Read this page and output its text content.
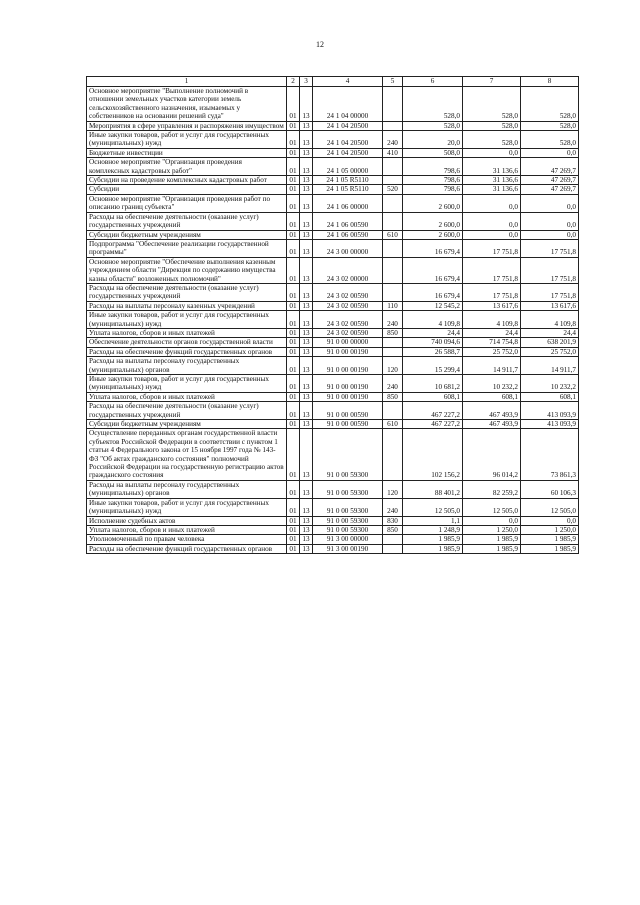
12
1	2	3	4	5	6	7	8
Основное мероприятие "Выполнение полномочий в отношении земельных участков категории земель сельскохозяйственного назначения, изымаемых у собственников на основании решений суда"	01	13	24 1 04 00000		528,0	528,0	528,0
Мероприятия в сфере управления и распоряжения имуществом	01	13	24 1 04 20500		528,0	528,0	528,0
Иные закупки товаров, работ и услуг для государственных (муниципальных) нужд	01	13	24 1 04 20500	240	20,0	528,0	528,0
Бюджетные инвестиции	01	13	24 1 04 20500	410	508,0	0,0	0,0
Основное мероприятие "Организация проведения комплексных кадастровых работ"	01	13	24 1 05 00000		798,6	31 136,6	47 269,7
Субсидии на проведение комплексных кадастровых работ	01	13	24 1 05 R5110		798,6	31 136,6	47 269,7
Субсидии	01	13	24 1 05 R5110	520	798,6	31 136,6	47 269,7
Основное мероприятие "Организация проведения работ по описанию границ субъекта"	01	13	24 1 06 00000		2 600,0	0,0	0,0
Расходы на обеспечение деятельности (оказание услуг) государственных учреждений	01	13	24 1 06 00590		2 600,0	0,0	0,0
Субсидии бюджетным учреждениям	01	13	24 1 06 00590	610	2 600,0	0,0	0,0
Подпрограмма "Обеспечение реализации государственной программы"	01	13	24 3 00 00000		16 679,4	17 751,8	17 751,8
Основное мероприятие "Обеспечение выполнения казенным учреждением области "Дирекция по содержанию имущества казны области" возложенных полномочий"	01	13	24 3 02 00000		16 679,4	17 751,8	17 751,8
Расходы на обеспечение деятельности (оказание услуг) государственных учреждений	01	13	24 3 02 00590		16 679,4	17 751,8	17 751,8
Расходы на выплаты персоналу казенных учреждений	01	13	24 3 02 00590	110	12 545,2	13 617,6	13 617,6
Иные закупки товаров, работ и услуг для государственных (муниципальных) нужд	01	13	24 3 02 00590	240	4 109,8	4 109,8	4 109,8
Уплата налогов, сборов и иных платежей	01	13	24 3 02 00590	850	24,4	24,4	24,4
Обеспечение деятельности органов государственной власти	01	13	91 0 00 00000		740 094,6	714 754,8	638 201,9
Расходы на обеспечение функций государственных органов	01	13	91 0 00 00190		26 588,7	25 752,0	25 752,0
Расходы на выплаты персоналу государственных (муниципальных) органов	01	13	91 0 00 00190	120	15 299,4	14 911,7	14 911,7
Иные закупки товаров, работ и услуг для государственных (муниципальных) нужд	01	13	91 0 00 00190	240	10 681,2	10 232,2	10 232,2
Уплата налогов, сборов и иных платежей	01	13	91 0 00 00190	850	608,1	608,1	608,1
Расходы на обеспечение деятельности (оказание услуг) государственных учреждений	01	13	91 0 00 00590		467 227,2	467 493,9	413 093,9
Субсидии бюджетным учреждениям	01	13	91 0 00 00590	610	467 227,2	467 493,9	413 093,9
Осуществление переданных органам государственной власти субъектов Российской Федерации в соответствии с пунктом 1 статьи 4 Федерального закона от 15 ноября 1997 года № 143-ФЗ "Об актах гражданского состояния" полномочий Российской Федерации на государственную регистрацию актов гражданского состояния	01	13	91 0 00 59300		102 156,2	96 014,2	73 861,3
Расходы на выплаты персоналу государственных (муниципальных) органов	01	13	91 0 00 59300	120	88 401,2	82 259,2	60 106,3
Иные закупки товаров, работ и услуг для государственных (муниципальных) нужд	01	13	91 0 00 59300	240	12 505,0	12 505,0	12 505,0
Исполнение судебных актов	01	13	91 0 00 59300	830	1,1	0,0	0,0
Уплата налогов, сборов и иных платежей	01	13	91 0 00 59300	850	1 248,9	1 250,0	1 250,0
Уполномоченный по правам человека	01	13	91 3 00 00000		1 985,9	1 985,9	1 985,9
Расходы на обеспечение функций государственных органов	01	13	91 3 00 00190		1 985,9	1 985,9	1 985,9
